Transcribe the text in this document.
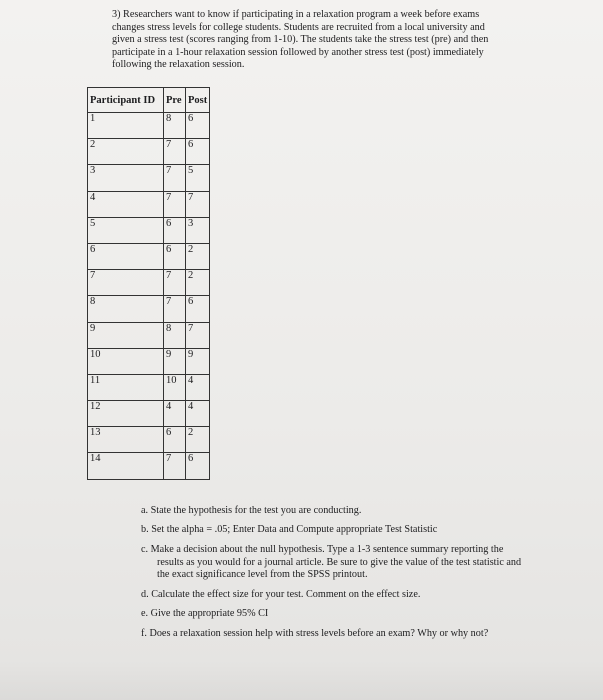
3) Researchers want to know if participating in a relaxation program a week before exams changes stress levels for college students. Students are recruited from a local university and given a stress test (scores ranging from 1-10). The students take the stress test (pre) and then participate in a 1-hour relaxation session followed by another stress test (post) immediately following the relaxation session.
Participant ID	Pre	Post
1	8	6
2	7	6
3	7	5
4	7	7
5	6	3
6	6	2
7	7	2
8	7	6
9	8	7
10	9	9
11	10	4
12	4	4
13	6	2
14	7	6
a. State the hypothesis for the test you are conducting.
b. Set the alpha = .05; Enter Data and Compute appropriate Test Statistic
c. Make a decision about the null hypothesis. Type a 1-3 sentence summary reporting the results as you would for a journal article. Be sure to give the value of the test statistic and the exact significance level from the SPSS printout.
d. Calculate the effect size for your test. Comment on the effect size.
e. Give the appropriate 95% CI
f. Does a relaxation session help with stress levels before an exam? Why or why not?
